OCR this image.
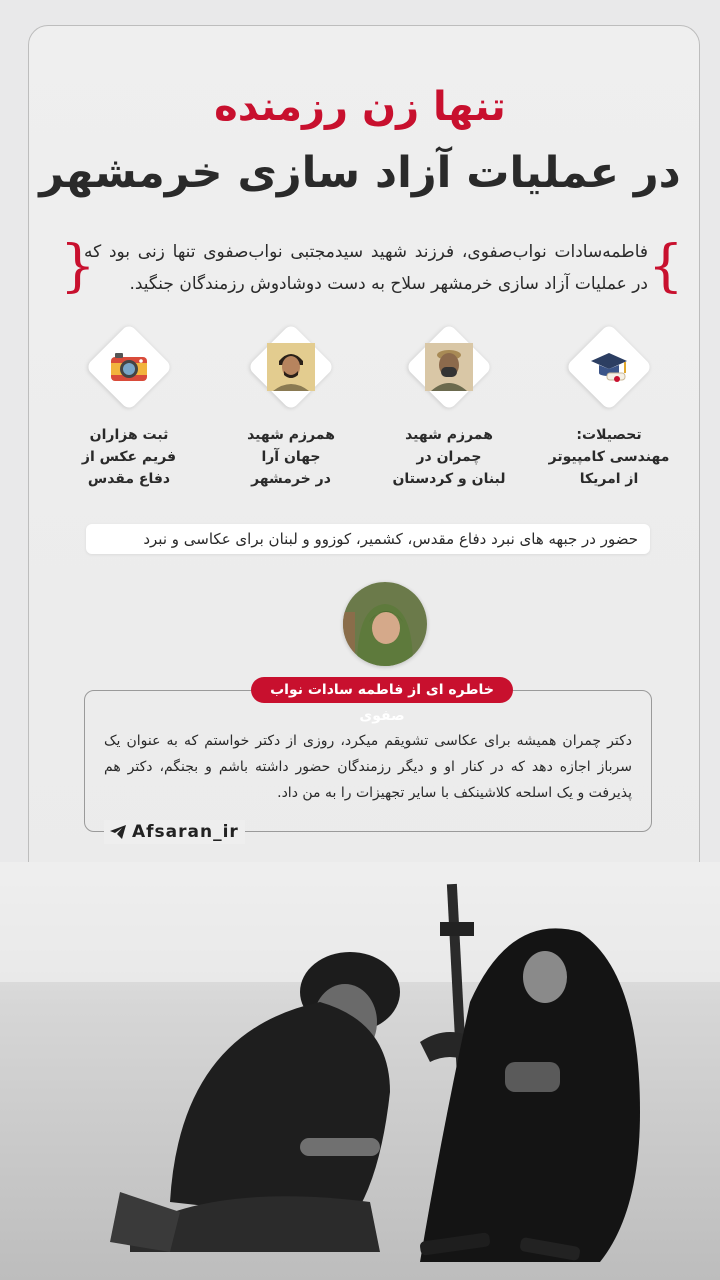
تنها زن رزمنده
در عملیات آزاد سازی خرمشهر
}	{
فاطمه‌سادات نواب‌صفوی، فرزند شهید سیدمجتبی نواب‌صفوی تنها زنی بود که در عملیات آزاد سازی خرمشهر سلاح به دست دوشادوش رزمندگان جنگید.
تحصیلات:
مهندسی کامپیوتر
از امریکا
همرزم شهید
چمران در
لبنان و کردستان
همرزم شهید
جهان آرا
در خرمشهر
ثبت هزاران
فریم عکس از
دفاع مقدس
حضور در جبهه های نبرد دفاع مقدس، کشمیر، کوزوو و لبنان برای عکاسی و نبرد
خاطره ای از فاطمه سادات نواب صفوی
دکتر چمران همیشه برای عکاسی تشویقم میکرد، روزی از دکتر خواستم که به عنوان یک سرباز اجازه دهد که در کنار او و دیگر رزمندگان حضور داشته باشم و بجنگم، دکتر هم پذیرفت و یک اسلحه کلاشینکف با سایر تجهیزات را به من داد.
Afsaran_ir
